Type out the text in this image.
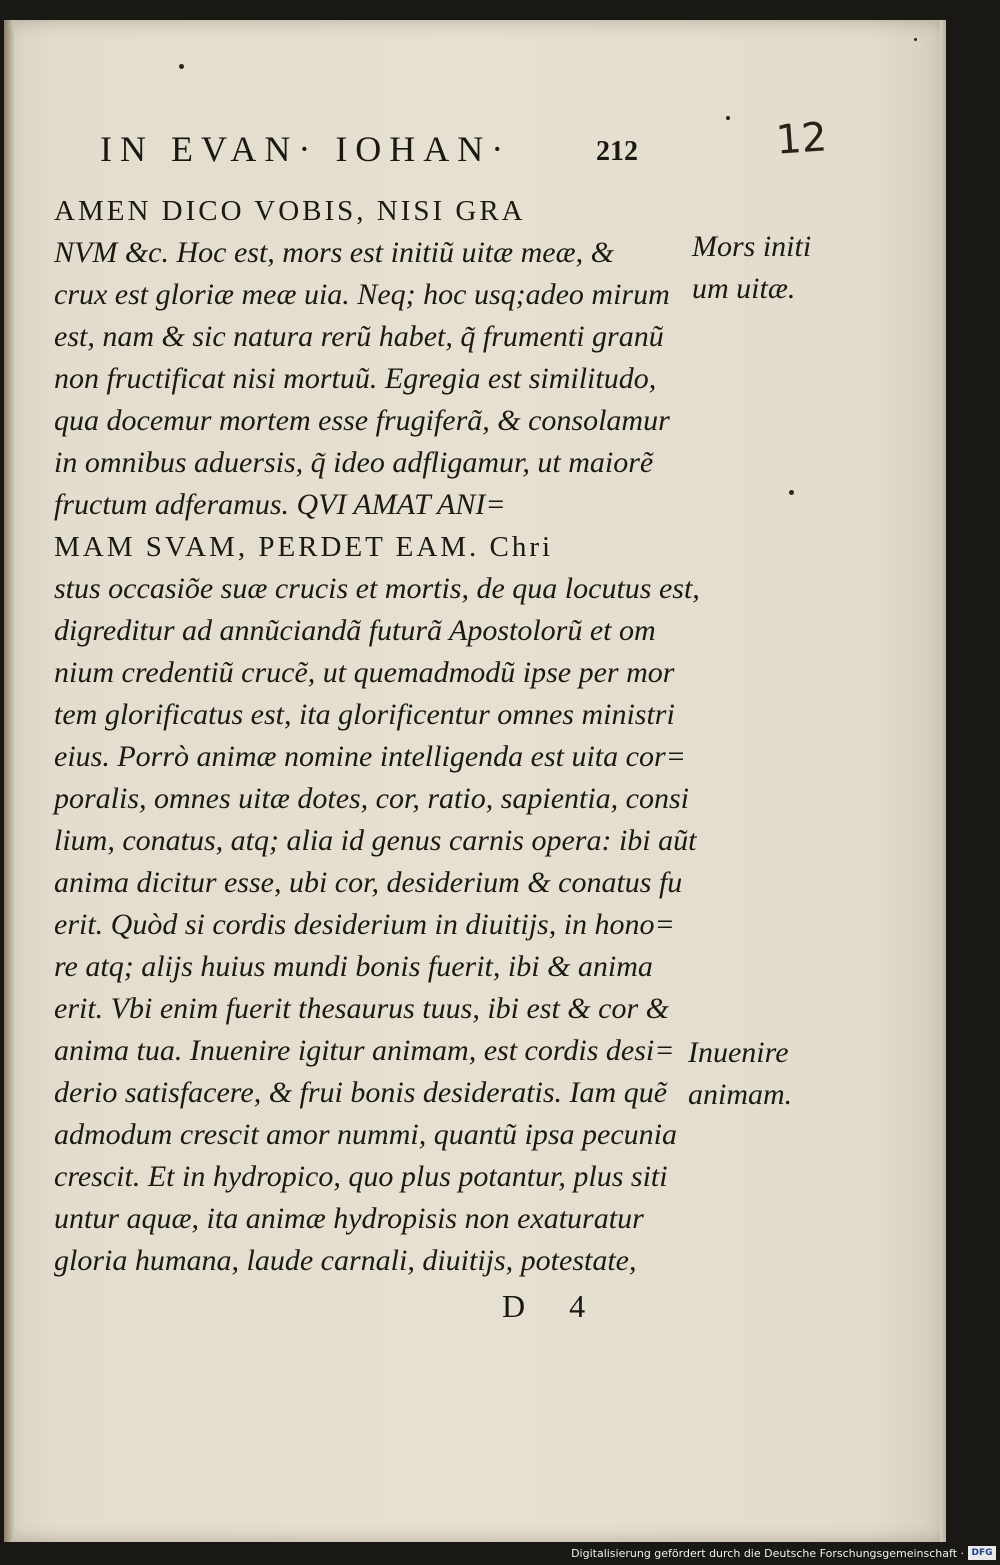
IN EVAN· IOHAN·	212	12
AMEN DICO VOBIS, NISI GRA
NVM &c. Hoc est, mors est initiũ uitæ meæ, &
crux est gloriæ meæ uia. Neq; hoc usq;adeo mirum
est, nam & sic natura rerũ habet, q̃ frumenti granũ
non fructificat nisi mortuũ. Egregia est similitudo,
qua docemur mortem esse frugiferã, & consolamur
in omnibus aduersis, q̃ ideo adfligamur, ut maiorẽ
fructum adferamus. QVI AMAT ANI=
MAM SVAM, PERDET EAM. Chri
stus occasiõe suæ crucis et mortis, de qua locutus est,
digreditur ad annũciandã futurã Apostolorũ et om
nium credentiũ crucẽ, ut quemadmodũ ipse per mor
tem glorificatus est, ita glorificentur omnes ministri
eius. Porrò animæ nomine intelligenda est uita cor=
poralis, omnes uitæ dotes, cor, ratio, sapientia, consi
lium, conatus, atq; alia id genus carnis opera: ibi aũt
anima dicitur esse, ubi cor, desiderium & conatus fu
erit. Quòd si cordis desiderium in diuitijs, in hono=
re atq; alijs huius mundi bonis fuerit, ibi & anima
erit. Vbi enim fuerit thesaurus tuus, ibi est & cor &
anima tua. Inuenire igitur animam, est cordis desi=
derio satisfacere, & frui bonis desideratis. Iam quẽ
admodum crescit amor nummi, quantũ ipsa pecunia
crescit. Et in hydropico, quo plus potantur, plus siti
untur aquæ, ita animæ hydropisis non exaturatur
gloria humana, laude carnali, diuitijs, potestate,
Mors initi
um uitæ.
Inuenire
animam.
D 4
Digitalisierung gefördert durch die Deutsche Forschungsgemeinschaft · DFG
